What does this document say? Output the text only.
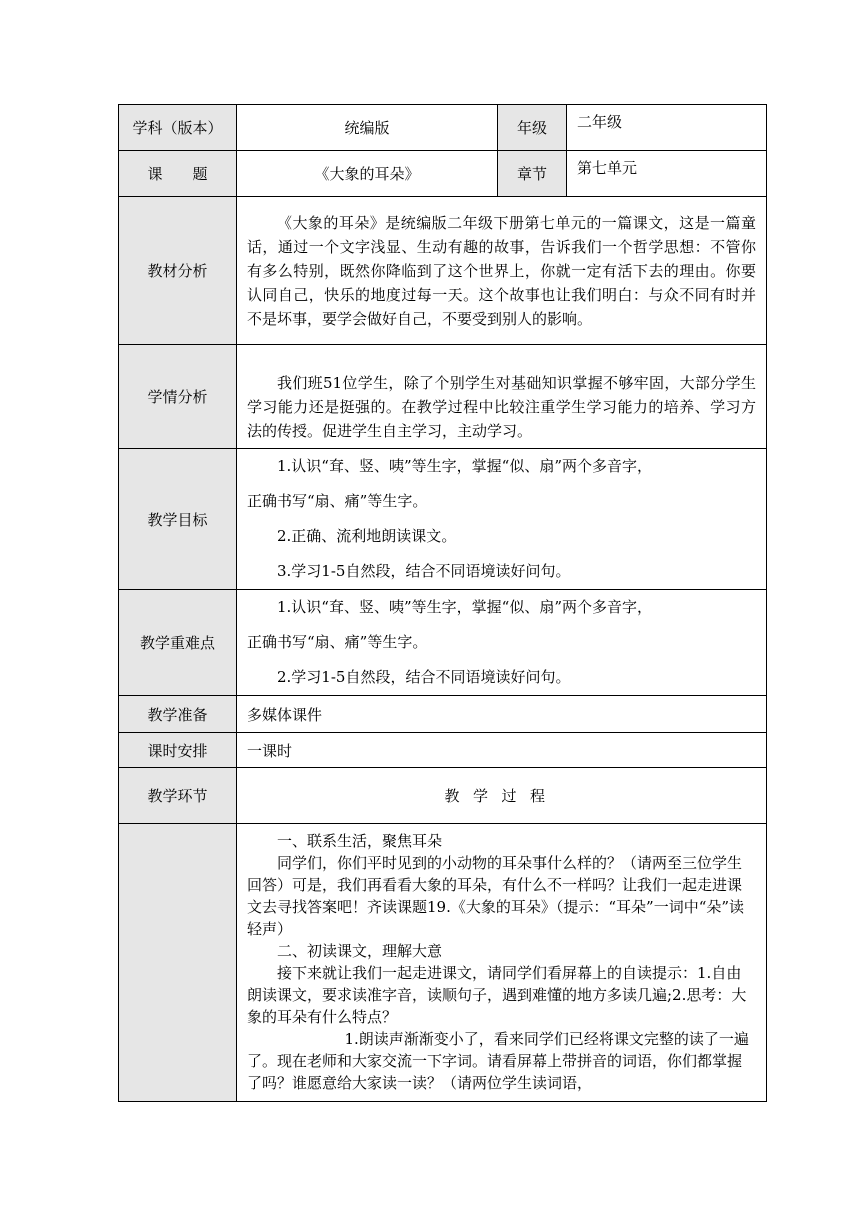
学科（版本）	统编版	年级	二年级
课　　题	《大象的耳朵》	章节	第七单元
教材分析	《大象的耳朵》是统编版二年级下册第七单元的一篇课文，这是一篇童话，通过一个文字浅显、生动有趣的故事，告诉我们一个哲学思想：不管你有多么特别，既然你降临到了这个世界上，你就一定有活下去的理由。你要认同自己，快乐的地度过每一天。这个故事也让我们明白：与众不同有时并不是坏事，要学会做好自己，不要受到别人的影响。		

学情分析	我们班51位学生，除了个别学生对基础知识掌握不够牢固，大部分学生学习能力还是挺强的。在教学过程中比较注重学生学习能力的培养、学习方法的传授。促进学生自主学习，主动学习。		

教学目标	1.认识“耷、竖、咦”等生字，掌握“似、扇”两个多音字，

正确书写“扇、痛”等生字。

2.正确、流利地朗读课文。

3.学习1-5自然段，结合不同语境读好问句。		

教学重难点	1.认识“耷、竖、咦”等生字，掌握“似、扇”两个多音字，

正确书写“扇、痛”等生字。

2.学习1-5自然段，结合不同语境读好问句。		

教学准备	多媒体课件		
课时安排	一课时		
教学环节	教学过程		

	一、联系生活，聚焦耳朵

同学们，你们平时见到的小动物的耳朵事什么样的？（请两至三位学生回答）可是，我们再看看大象的耳朵，有什么不一样吗？让我们一起走进课文去寻找答案吧！齐读课题19.《大象的耳朵》（提示：“耳朵”一词中“朵”读轻声）

二、初读课文，理解大意

接下来就让我们一起走进课文，请同学们看屏幕上的自读提示：1.自由朗读课文，要求读准字音，读顺句子，遇到难懂的地方多读几遍;2.思考：大象的耳朵有什么特点？

1.朗读声渐渐变小了，看来同学们已经将课文完整的读了一遍了。现在老师和大家交流一下字词。请看屏幕上带拼音的词语，你们都掌握了吗？谁愿意给大家读一读？（请两位学生读词语，		
